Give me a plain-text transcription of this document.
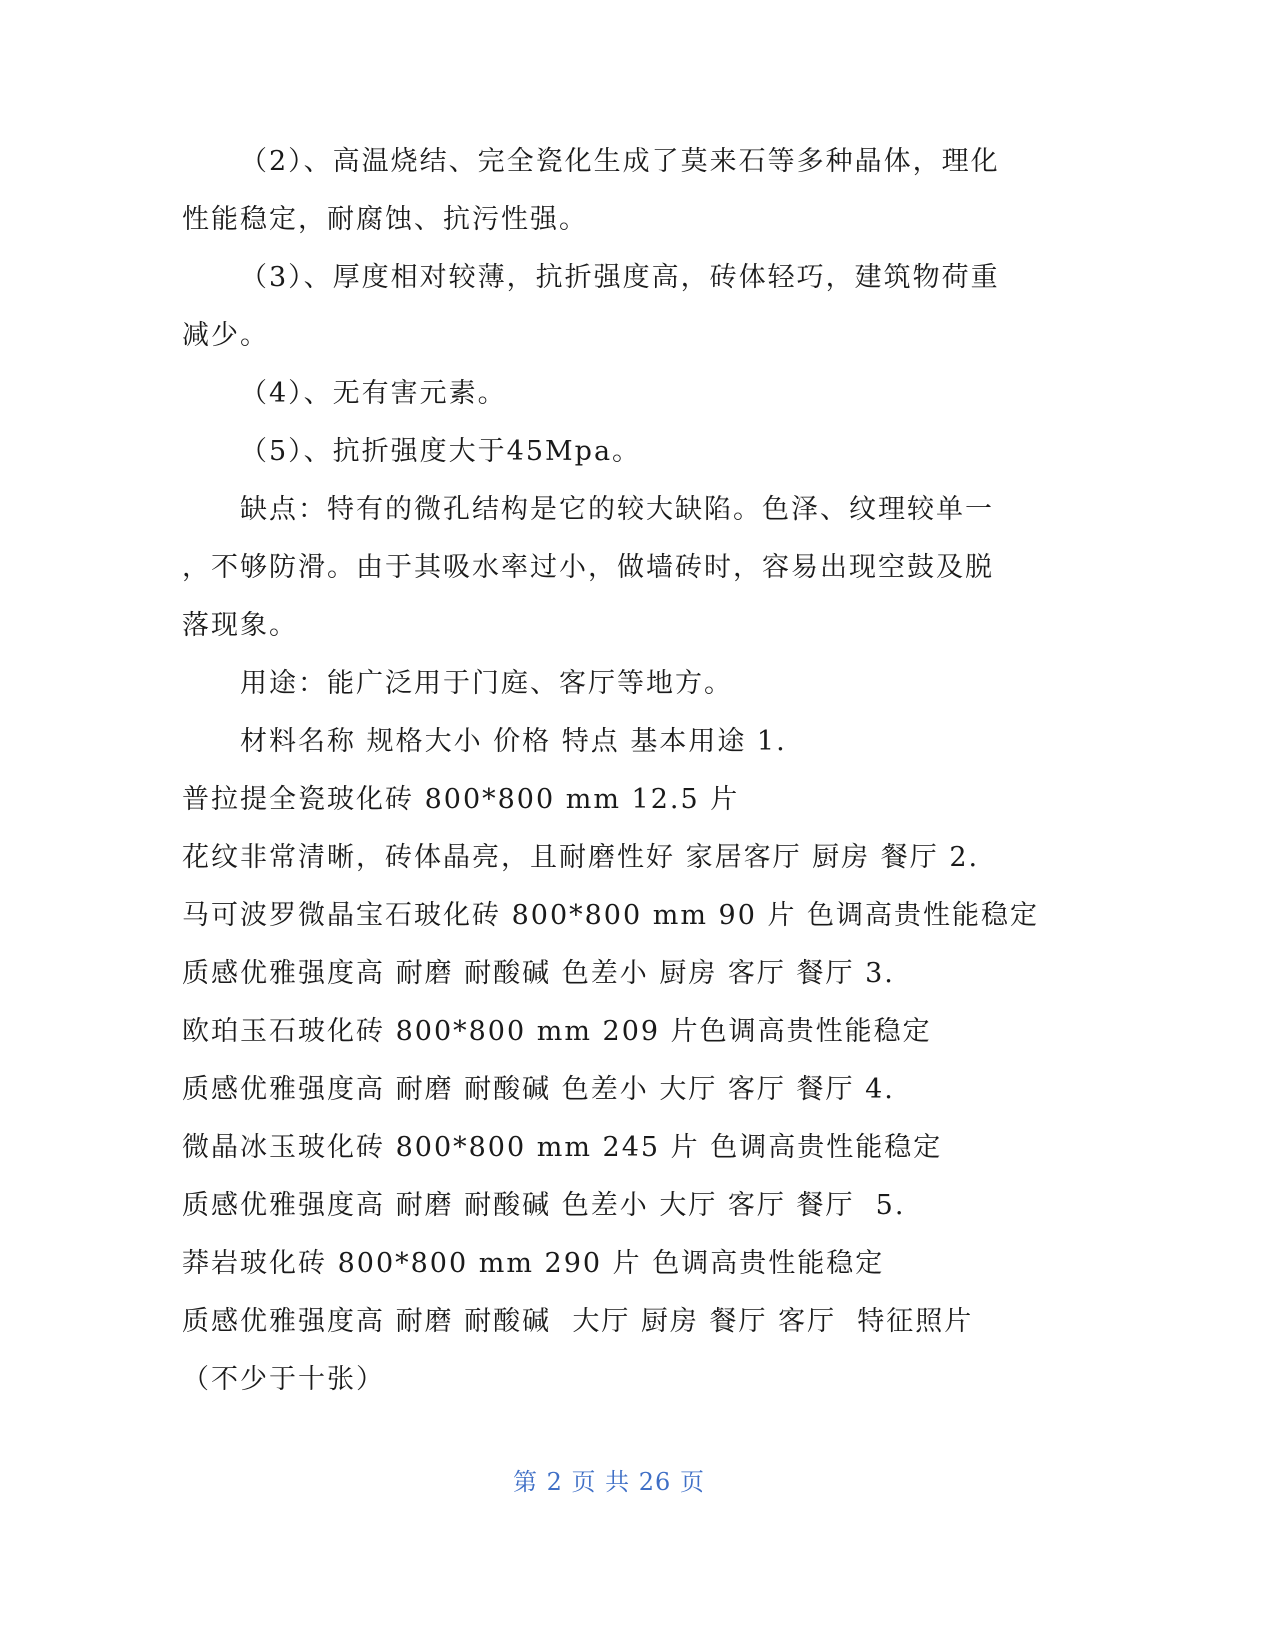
（2）、高温烧结、完全瓷化生成了莫来石等多种晶体，理化
性能稳定，耐腐蚀、抗污性强。
（3）、厚度相对较薄，抗折强度高，砖体轻巧，建筑物荷重
减少。
（4）、无有害元素。
（5）、抗折强度大于45Mpa。
缺点：特有的微孔结构是它的较大缺陷。色泽、纹理较单一
，不够防滑。由于其吸水率过小，做墙砖时，容易出现空鼓及脱
落现象。
用途：能广泛用于门庭、客厅等地方。
材料名称 规格大小 价格 特点 基本用途 1.
普拉提全瓷玻化砖 800*800 mm 12.5 片
花纹非常清晰，砖体晶亮，且耐磨性好 家居客厅 厨房 餐厅 2.
马可波罗微晶宝石玻化砖 800*800 mm 90 片 色调高贵性能稳定
质感优雅强度高 耐磨 耐酸碱 色差小 厨房 客厅 餐厅 3.
欧珀玉石玻化砖 800*800 mm 209 片色调高贵性能稳定
质感优雅强度高 耐磨 耐酸碱 色差小 大厅 客厅 餐厅 4.
微晶冰玉玻化砖 800*800 mm 245 片 色调高贵性能稳定
质感优雅强度高 耐磨 耐酸碱 色差小 大厅 客厅 餐厅  5.
莽岩玻化砖 800*800 mm 290 片 色调高贵性能稳定
质感优雅强度高 耐磨 耐酸碱  大厅 厨房 餐厅 客厅  特征照片
（不少于十张）
第 2 页 共 26 页
